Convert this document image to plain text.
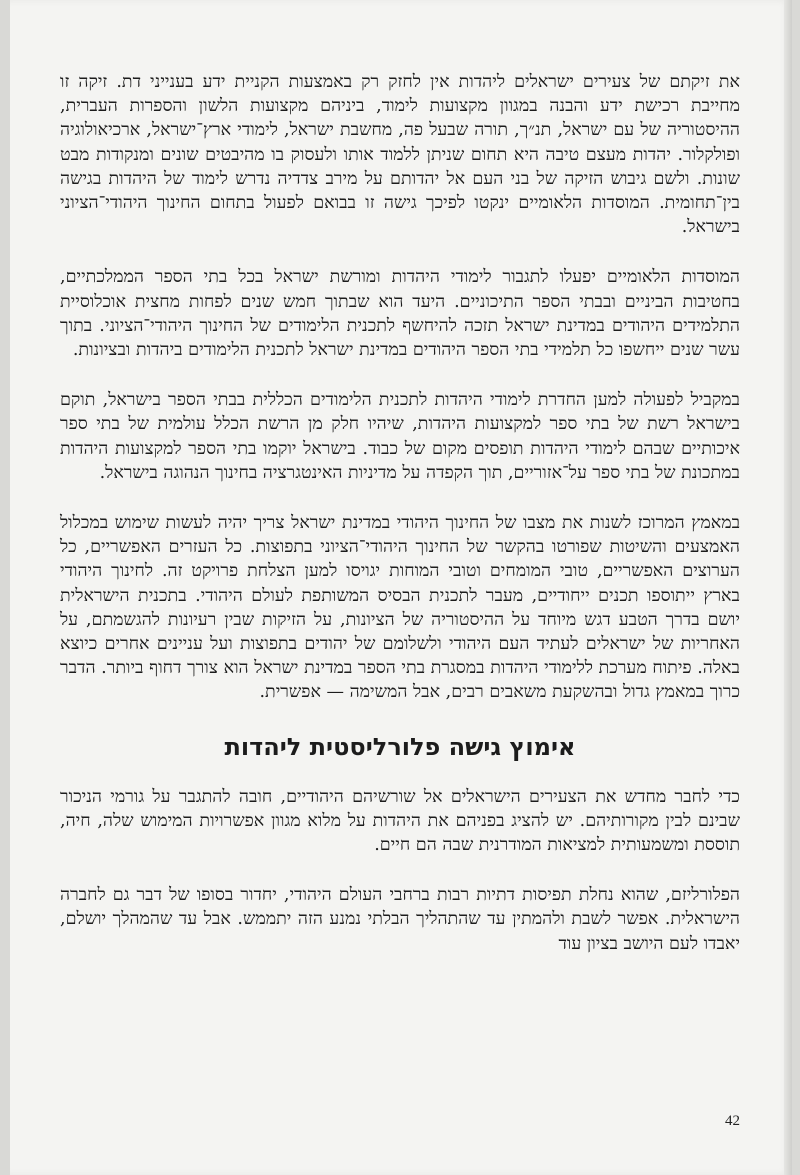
את זיקתם של צעירים ישראלים ליהדות אין לחזק רק באמצעות הקניית ידע בענייני דת. זיקה זו מחייבת רכישת ידע והבנה במגוון מקצועות לימוד, ביניהם מקצועות הלשון והספרות העברית, ההיסטוריה של עם ישראל, תנ״ך, תורה שבעל פה, מחשבת ישראל, לימודי ארץ־ישראל, ארכיאולוגיה ופולקלור. יהדות מעצם טיבה היא תחום שניתן ללמוד אותו ולעסוק בו מהיבטים שונים ומנקודות מבט שונות. ולשם גיבוש הזיקה של בני העם אל יהדותם על מירב צדדיה נדרש לימוד של היהדות בגישה בין־תחומית. המוסדות הלאומיים ינקטו לפיכך גישה זו בבואם לפעול בתחום החינוך היהודי־הציוני בישראל.

המוסדות הלאומיים יפעלו לתגבור לימודי היהדות ומורשת ישראל בכל בתי הספר הממלכתיים, בחטיבות הביניים ובבתי הספר התיכוניים. היעד הוא שבתוך חמש שנים לפחות מחצית אוכלוסיית התלמידים היהודים במדינת ישראל תזכה להיחשף לתכנית הלימודים של החינוך היהודי־הציוני. בתוך עשר שנים ייחשפו כל תלמידי בתי הספר היהודים במדינת ישראל לתכנית הלימודים ביהדות ובציונות.

במקביל לפעולה למען החדרת לימודי היהדות לתכנית הלימודים הכללית בבתי הספר בישראל, תוקם בישראל רשת של בתי ספר למקצועות היהדות, שיהיו חלק מן הרשת הכלל עולמית של בתי ספר איכותיים שבהם לימודי היהדות תופסים מקום של כבוד. בישראל יוקמו בתי הספר למקצועות היהדות במתכונת של בתי ספר על־אזוריים, תוך הקפדה על מדיניות האינטגרציה בחינוך הנהוגה בישראל.

במאמץ המרוכז לשנות את מצבו של החינוך היהודי במדינת ישראל צריך יהיה לעשות שימוש במכלול האמצעים והשיטות שפורטו בהקשר של החינוך היהודי־הציוני בתפוצות. כל העזרים האפשריים, כל הערוצים האפשריים, טובי המומחים וטובי המוחות יגויסו למען הצלחת פרויקט זה. לחינוך היהודי בארץ ייתוספו תכנים ייחודיים, מעבר לתכנית הבסיס המשותפת לעולם היהודי. בתכנית הישראלית יושם בדרך הטבע דגש מיוחד על ההיסטוריה של הציונות, על הזיקות שבין רעיונות להגשמתם, על האחריות של ישראלים לעתיד העם היהודי ולשלומם של יהודים בתפוצות ועל עניינים אחרים כיוצא באלה. פיתוח מערכת ללימודי היהדות במסגרת בתי הספר במדינת ישראל הוא צורך דחוף ביותר. הדבר כרוך במאמץ גדול ובהשקעת משאבים רבים, אבל המשימה — אפשרית.

אימוץ גישה פלורליסטית ליהדות

כדי לחבר מחדש את הצעירים הישראלים אל שורשיהם היהודיים, חובה להתגבר על גורמי הניכור שבינם לבין מקורותיהם. יש להציג בפניהם את היהדות על מלוא מגוון אפשרויות המימוש שלה, חיה, תוססת ומשמעותית למציאות המודרנית שבה הם חיים.

הפלורליזם, שהוא נחלת תפיסות דתיות רבות ברחבי העולם היהודי, יחדור בסופו של דבר גם לחברה הישראלית. אפשר לשבת ולהמתין עד שהתהליך הבלתי נמנע הזה יתממש. אבל עד שהמהלך יושלם, יאבדו לעם היושב בציון עוד

42
